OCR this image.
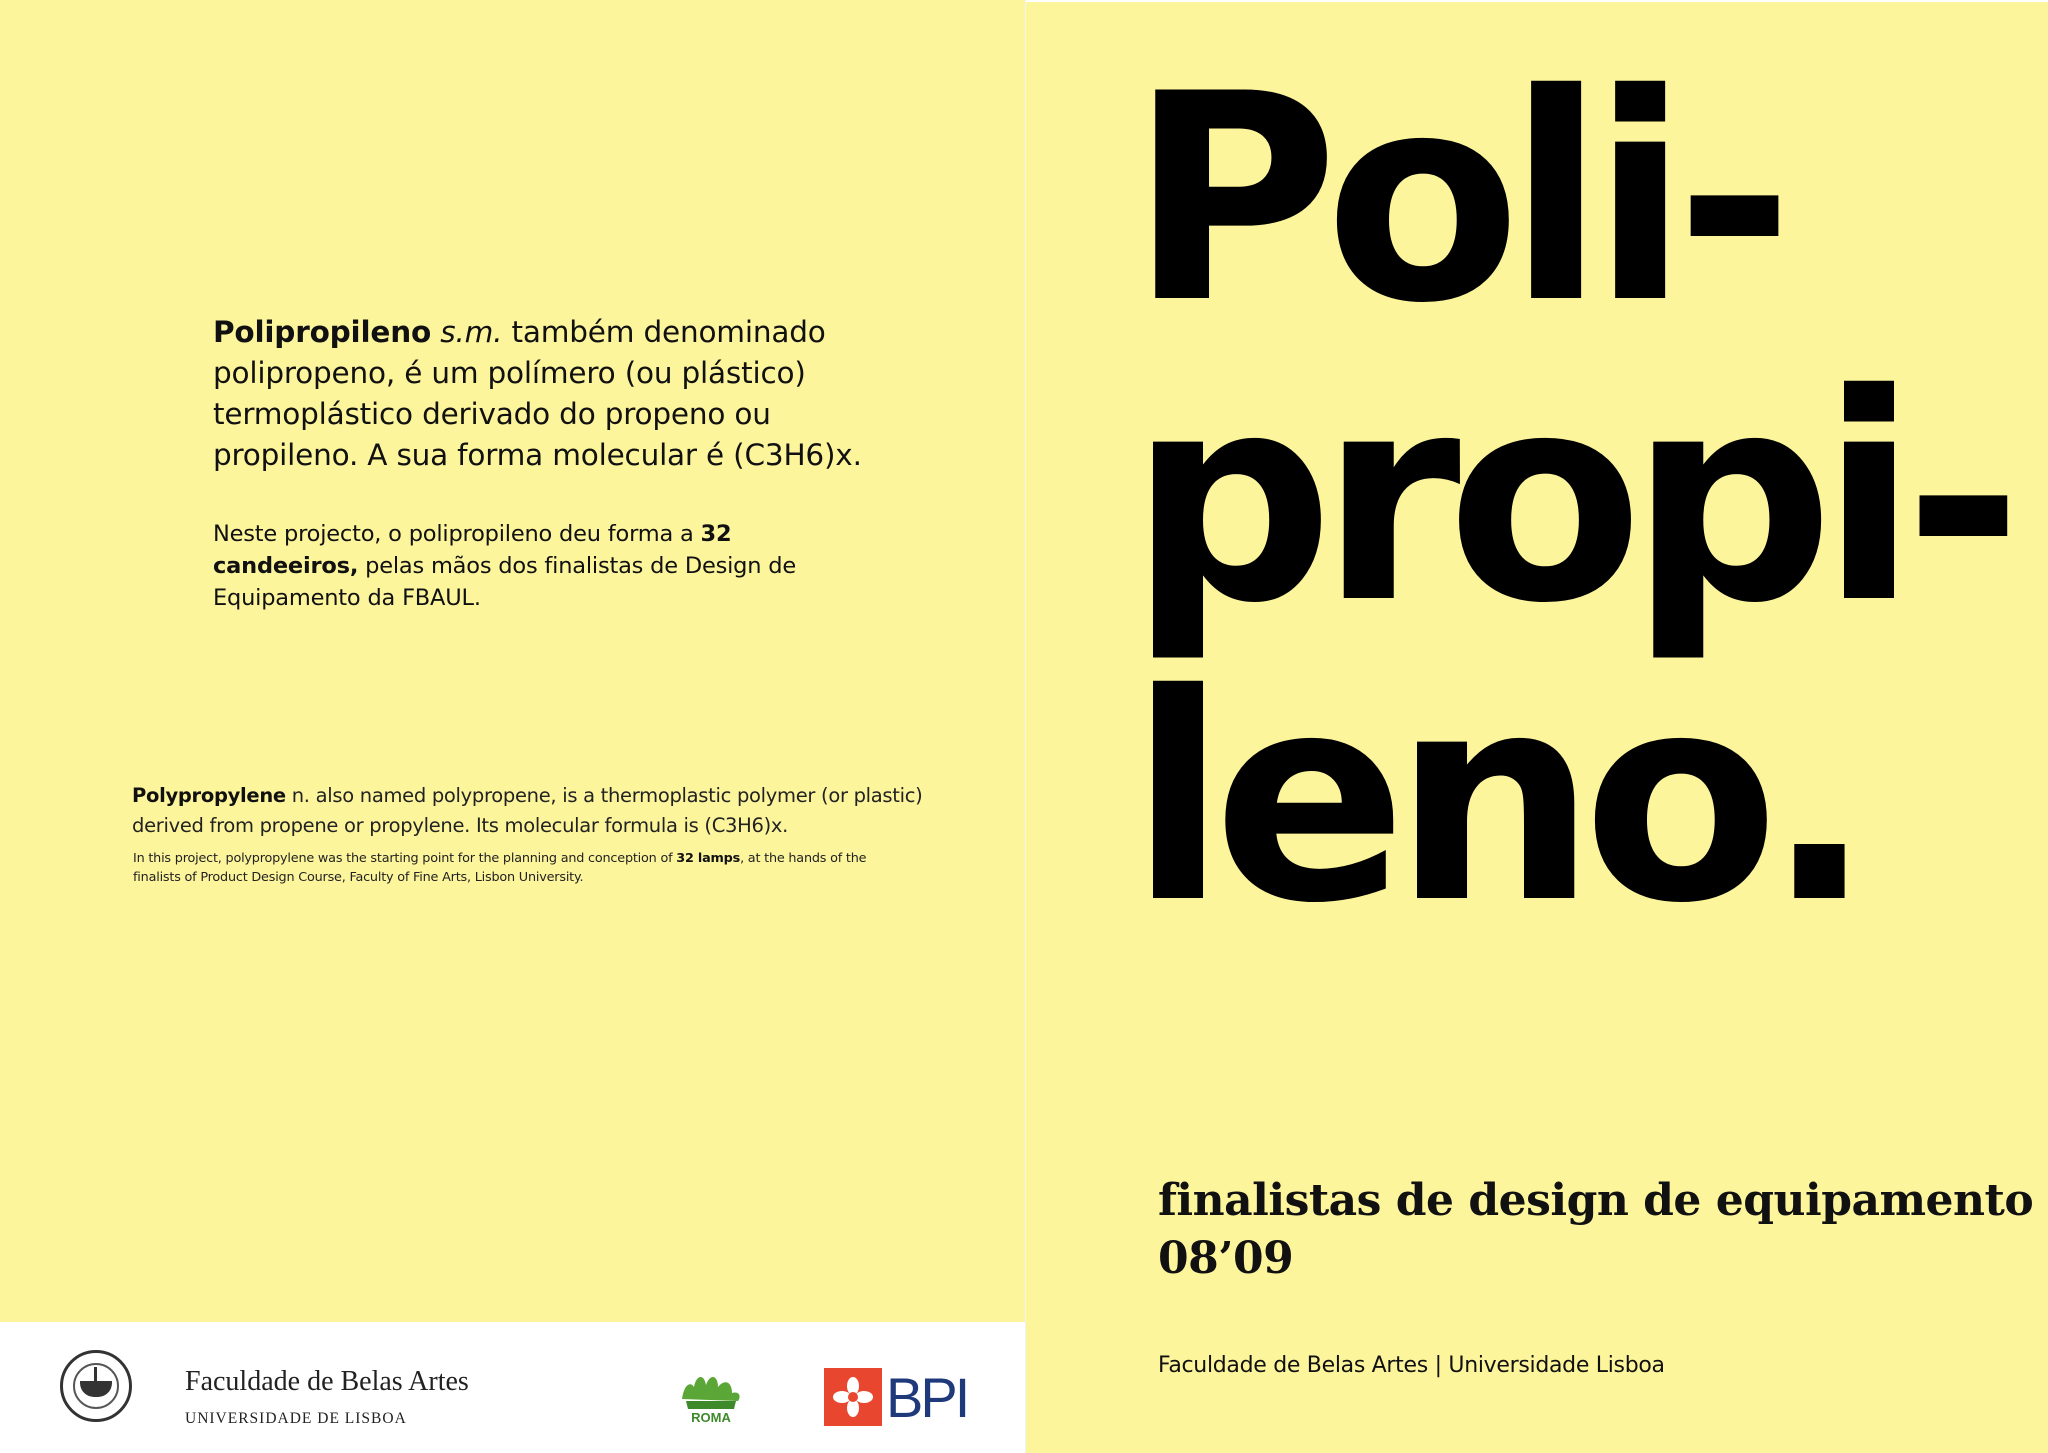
Polipropileno s.m. também denominado polipropeno, é um polímero (ou plástico) termoplástico derivado do propeno ou propileno. A sua forma molecular é (C3H6)x.

Neste projecto, o polipropileno deu forma a 32 candeeiros, pelas mãos dos finalistas de Design de Equipamento da FBAUL.

Polypropylene n. also named polypropene, is a thermoplastic polymer (or plastic) derived from propene or propylene. Its molecular formula is (C3H6)x.

In this project, polypropylene was the starting point for the planning and conception of 32 lamps, at the hands of the finalists of Product Design Course, Faculty of Fine Arts, Lisbon University.

Faculdade de Belas Artes
UNIVERSIDADE DE LISBOA	ROMA	BPI
Poli-
propi-
leno.
finalistas de design de equipamento
08’09
Faculdade de Belas Artes | Universidade Lisboa
